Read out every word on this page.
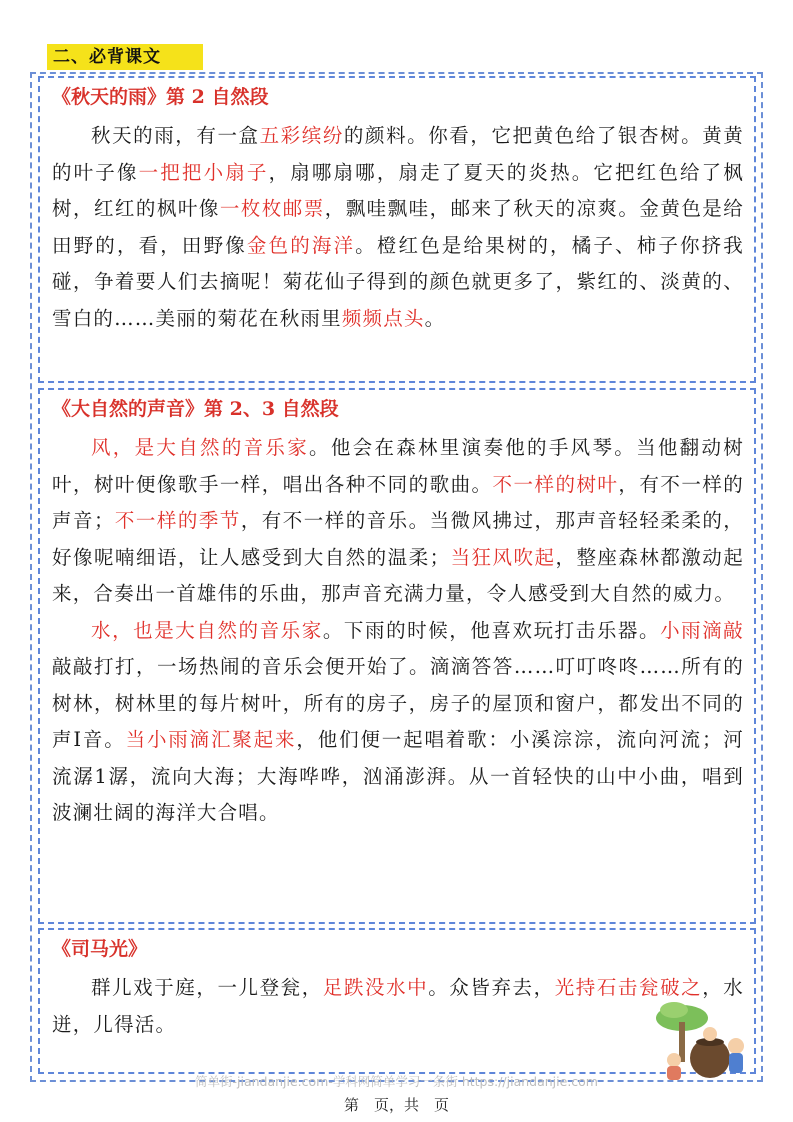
二、必背课文
《秋天的雨》第 2 自然段

秋天的雨，有一盒五彩缤纷的颜料。你看，它把黄色给了银杏树。黄黄的叶子像一把把小扇子，扇哪扇哪，扇走了夏天的炎热。它把红色给了枫树，红红的枫叶像一枚枚邮票，飘哇飘哇，邮来了秋天的凉爽。金黄色是给田野的，看，田野像金色的海洋。橙红色是给果树的，橘子、柿子你挤我碰，争着要人们去摘呢！菊花仙子得到的颜色就更多了，紫红的、淡黄的、雪白的……美丽的菊花在秋雨里频频点头。

《大自然的声音》第 2、3 自然段

风，是大自然的音乐家。他会在森林里演奏他的手风琴。当他翻动树叶，树叶便像歌手一样，唱出各种不同的歌曲。不一样的树叶，有不一样的声音；不一样的季节，有不一样的音乐。当微风拂过，那声音轻轻柔柔的，好像呢喃细语，让人感受到大自然的温柔；当狂风吹起，整座森林都激动起来，合奏出一首雄伟的乐曲，那声音充满力量，令人感受到大自然的威力。

水，也是大自然的音乐家。下雨的时候，他喜欢玩打击乐器。小雨滴敲敲敲打打，一场热闹的音乐会便开始了。滴滴答答……叮叮咚咚……所有的树林，树林里的每片树叶，所有的房子，房子的屋顶和窗户，都发出不同的声Ⅰ音。当小雨滴汇聚起来，他们便一起唱着歌：小溪淙淙，流向河流；河流潺1潺，流向大海；大海哗哗，汹涌澎湃。从一首轻快的山中小曲，唱到波澜壮阔的海洋大合唱。

《司马光》

群儿戏于庭，一儿登瓮，足跌没水中。众皆弃去，光持石击瓮破之，水迸，儿得活。

简单街-jiandanjie.com-学科网简单学习一条街 https://jiandanjie.com
第　页，共　页
